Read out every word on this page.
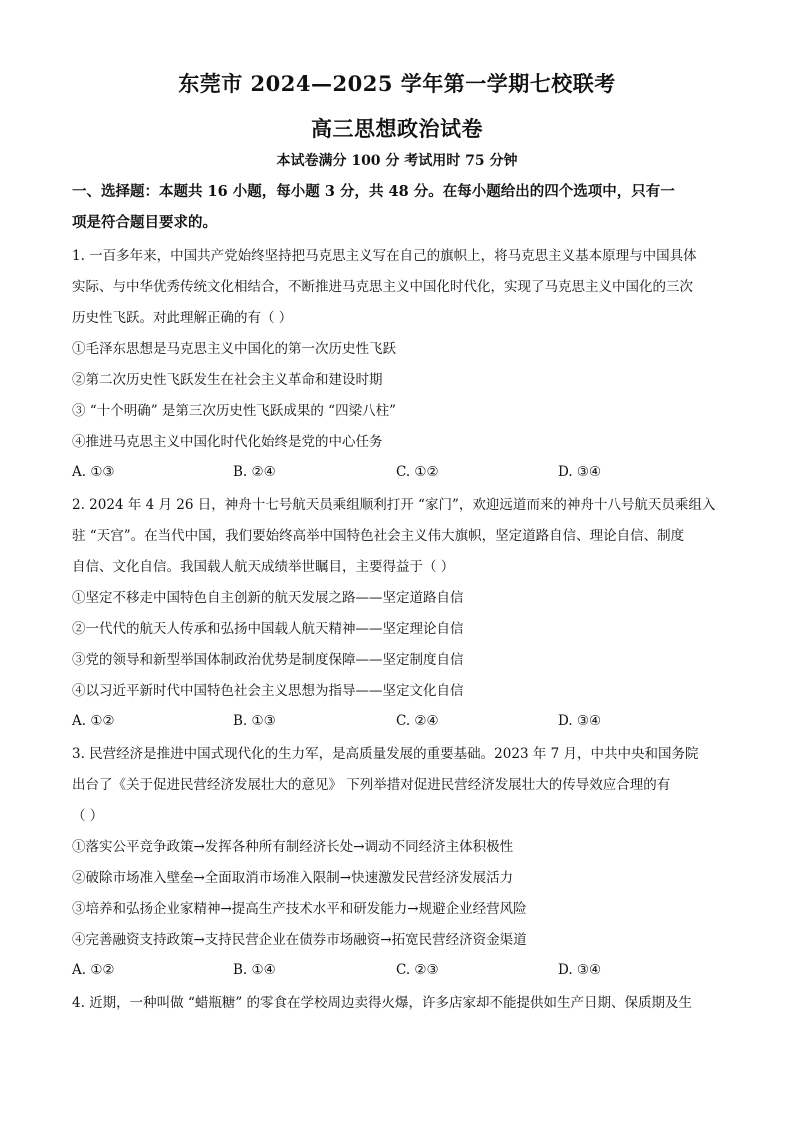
东莞市 2024—2025 学年第一学期七校联考
高三思想政治试卷
本试卷满分 100 分 考试用时 75 分钟
一、选择题：本题共 16 小题，每小题 3 分，共 48 分。在每小题给出的四个选项中，只有一
项是符合题目要求的。
1. 一百多年来，中国共产党始终坚持把马克思主义写在自己的旗帜上，将马克思主义基本原理与中国具体
实际、与中华优秀传统文化相结合，不断推进马克思主义中国化时代化，实现了马克思主义中国化的三次
历史性飞跃。对此理解正确的有（ ）
①毛泽东思想是马克思主义中国化的第一次历史性飞跃
②第二次历史性飞跃发生在社会主义革命和建设时期
③ “十个明确” 是第三次历史性飞跃成果的 “四梁八柱”
④推进马克思主义中国化时代化始终是党的中心任务
A. ①③	B. ②④	C. ①②	D. ③④
2. 2024 年 4 月 26 日，神舟十七号航天员乘组顺利打开 “家门”，欢迎远道而来的神舟十八号航天员乘组入
驻 “天宫”。在当代中国，我们要始终高举中国特色社会主义伟大旗帜，坚定道路自信、理论自信、制度
自信、文化自信。我国载人航天成绩举世瞩目，主要得益于（ ）
①坚定不移走中国特色自主创新的航天发展之路——坚定道路自信
②一代代的航天人传承和弘扬中国载人航天精神——坚定理论自信
③党的领导和新型举国体制政治优势是制度保障——坚定制度自信
④以习近平新时代中国特色社会主义思想为指导——坚定文化自信
A. ①②	B. ①③	C. ②④	D. ③④
3. 民营经济是推进中国式现代化的生力军，是高质量发展的重要基础。2023 年 7 月，中共中央和国务院
出台了《关于促进民营经济发展壮大的意见》 下列举措对促进民营经济发展壮大的传导效应合理的有
（ ）
①落实公平竞争政策→发挥各种所有制经济长处→调动不同经济主体积极性
②破除市场准入壁垒→全面取消市场准入限制→快速激发民营经济发展活力
③培养和弘扬企业家精神→提高生产技术水平和研发能力→规避企业经营风险
④完善融资支持政策→支持民营企业在债券市场融资→拓宽民营经济资金渠道
A. ①②	B. ①④	C. ②③	D. ③④
4. 近期，一种叫做 “蜡瓶糖” 的零食在学校周边卖得火爆，许多店家却不能提供如生产日期、保质期及生
